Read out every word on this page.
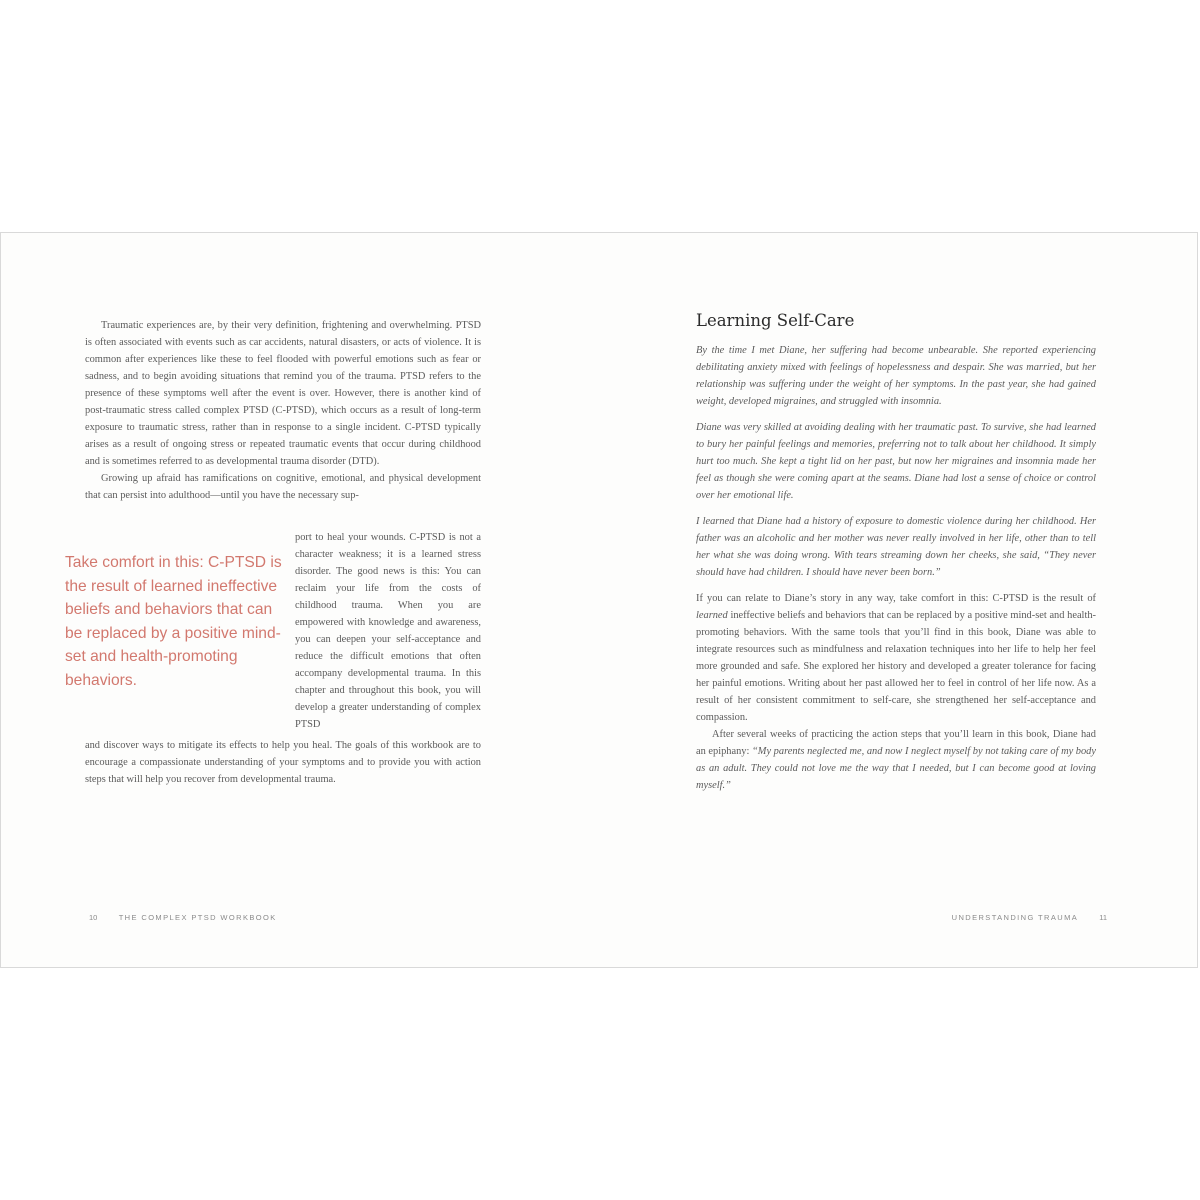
Traumatic experiences are, by their very definition, frightening and overwhelming. PTSD is often associated with events such as car accidents, natural disasters, or acts of violence. It is common after experiences like these to feel flooded with powerful emotions such as fear or sadness, and to begin avoiding situations that remind you of the trauma. PTSD refers to the presence of these symptoms well after the event is over. However, there is another kind of post-traumatic stress called complex PTSD (C-PTSD), which occurs as a result of long-term exposure to traumatic stress, rather than in response to a single incident. C-PTSD typically arises as a result of ongoing stress or repeated traumatic events that occur during childhood and is sometimes referred to as developmental trauma disorder (DTD).

Growing up afraid has ramifications on cognitive, emotional, and physical development that can persist into adulthood—until you have the necessary sup-

Take comfort in this: C-PTSD is the result of learned ineffective beliefs and behaviors that can be replaced by a positive mind-set and health-promoting behaviors.

port to heal your wounds. C-PTSD is not a character weakness; it is a learned stress disorder. The good news is this: You can reclaim your life from the costs of childhood trauma. When you are empowered with knowledge and awareness, you can deepen your self-acceptance and reduce the difficult emotions that often accompany developmental trauma. In this chapter and throughout this book, you will develop a greater understanding of complex PTSD

and discover ways to mitigate its effects to help you heal. The goals of this workbook are to encourage a compassionate understanding of your symptoms and to provide you with action steps that will help you recover from developmental trauma.

10	THE COMPLEX PTSD WORKBOOK
Learning Self-Care

By the time I met Diane, her suffering had become unbearable. She reported experiencing debilitating anxiety mixed with feelings of hopelessness and despair. She was married, but her relationship was suffering under the weight of her symptoms. In the past year, she had gained weight, developed migraines, and struggled with insomnia.

Diane was very skilled at avoiding dealing with her traumatic past. To survive, she had learned to bury her painful feelings and memories, preferring not to talk about her childhood. It simply hurt too much. She kept a tight lid on her past, but now her migraines and insomnia made her feel as though she were coming apart at the seams. Diane had lost a sense of choice or control over her emotional life.

I learned that Diane had a history of exposure to domestic violence during her childhood. Her father was an alcoholic and her mother was never really involved in her life, other than to tell her what she was doing wrong. With tears streaming down her cheeks, she said, “They never should have had children. I should have never been born.”

If you can relate to Diane’s story in any way, take comfort in this: C-PTSD is the result of learned ineffective beliefs and behaviors that can be replaced by a positive mind-set and health-promoting behaviors. With the same tools that you’ll find in this book, Diane was able to integrate resources such as mindfulness and relaxation techniques into her life to help her feel more grounded and safe. She explored her history and developed a greater tolerance for facing her painful emotions. Writing about her past allowed her to feel in control of her life now. As a result of her consistent commitment to self-care, she strengthened her self-acceptance and compassion.

After several weeks of practicing the action steps that you’ll learn in this book, Diane had an epiphany: “My parents neglected me, and now I neglect myself by not taking care of my body as an adult. They could not love me the way that I needed, but I can become good at loving myself.”

UNDERSTANDING TRAUMA	11
